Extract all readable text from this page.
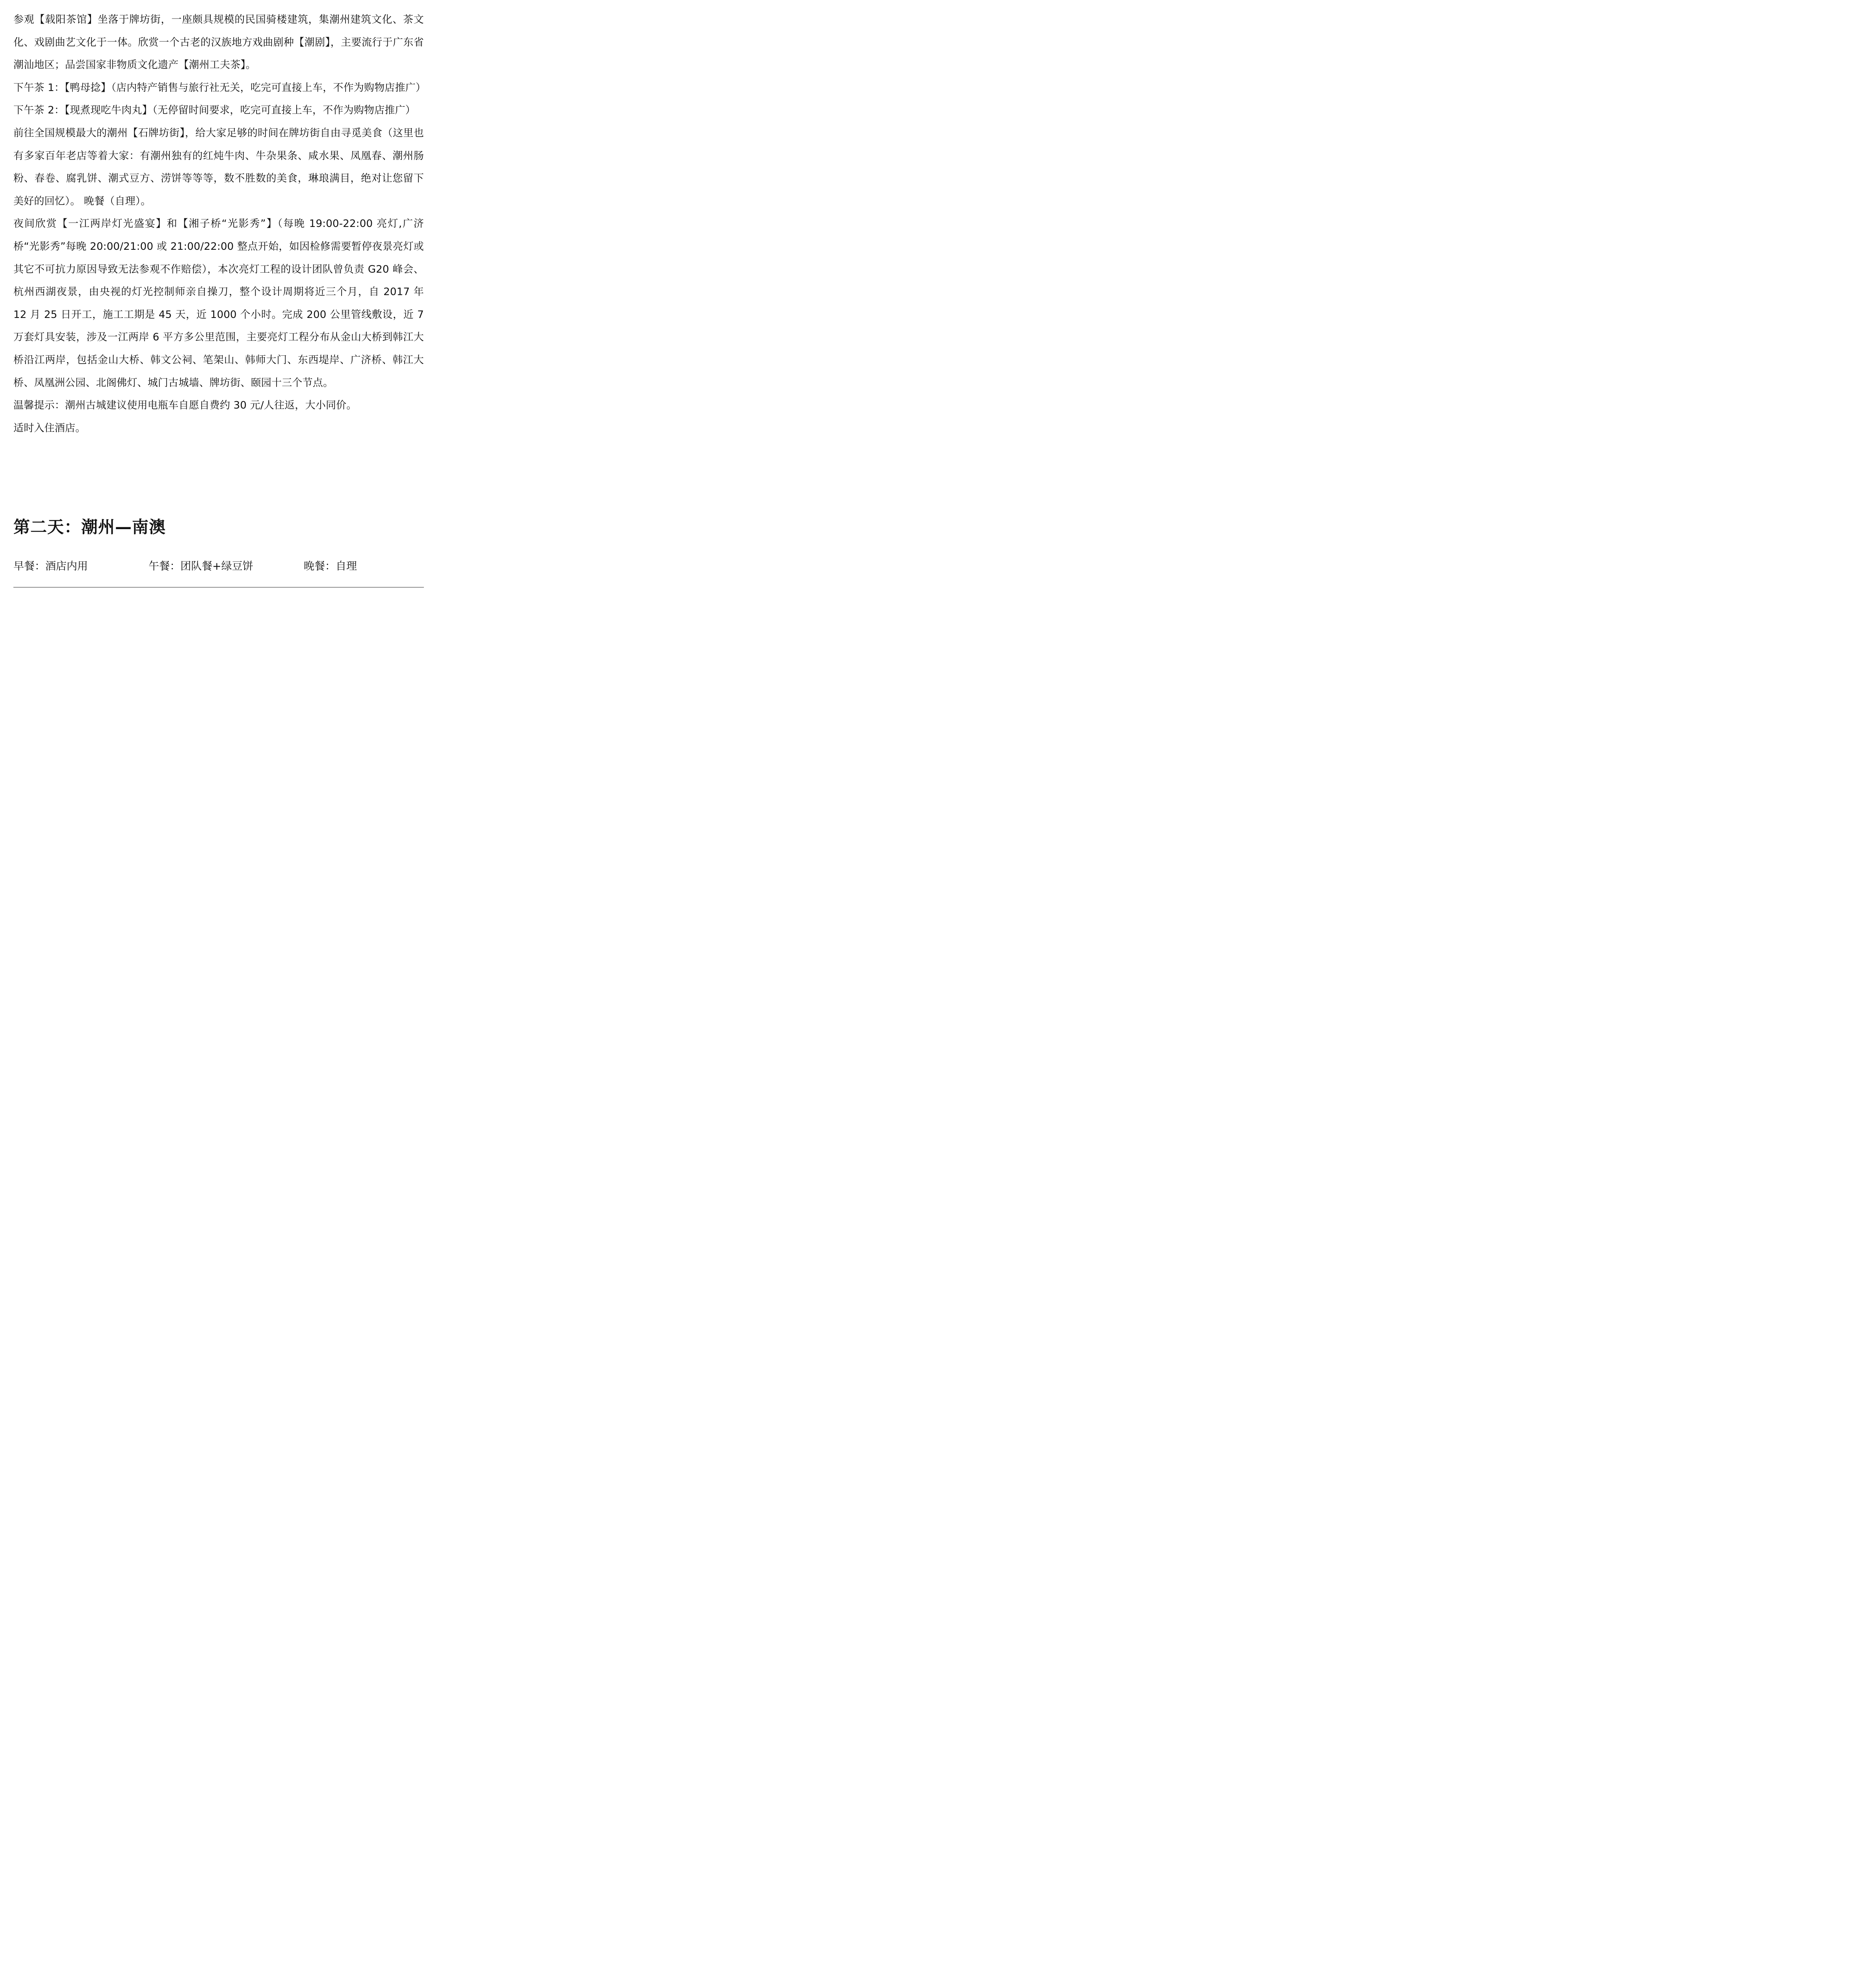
参观【载阳茶馆】坐落于牌坊街，一座颇具规模的民国骑楼建筑，集潮州建筑文化、茶文化、戏剧曲艺文化于一体。欣赏一个古老的汉族地方戏曲剧种【潮剧】，主要流行于广东省潮汕地区；品尝国家非物质文化遗产【潮州工夫茶】。

下午茶 1：【鸭母捻】（店内特产销售与旅行社无关，吃完可直接上车，不作为购物店推广）

下午茶 2：【现煮现吃牛肉丸】（无停留时间要求，吃完可直接上车，不作为购物店推广）

前往全国规模最大的潮州【石牌坊街】，给大家足够的时间在牌坊街自由寻觅美食（这里也有多家百年老店等着大家：有潮州独有的红炖牛肉、牛杂果条、咸水果、凤凰春、潮州肠粉、春卷、腐乳饼、潮式豆方、涝饼等等等，数不胜数的美食，琳琅满目，绝对让您留下美好的回忆）。 晚餐（自理）。

夜间欣赏【一江两岸灯光盛宴】和【湘子桥“光影秀”】（每晚 19:00-22:00 亮灯,广济桥“光影秀”每晚 20:00/21:00 或 21:00/22:00 整点开始，如因检修需要暂停夜景亮灯或其它不可抗力原因导致无法参观不作赔偿），本次亮灯工程的设计团队曾负责 G20 峰会、杭州西湖夜景，由央视的灯光控制师亲自操刀，整个设计周期将近三个月，自 2017 年 12 月 25 日开工，施工工期是 45 天，近 1000 个小时。完成 200 公里管线敷设，近 7 万套灯具安装，涉及一江两岸 6 平方多公里范围，主要亮灯工程分布从金山大桥到韩江大桥沿江两岸，包括金山大桥、韩文公祠、笔架山、韩师大门、东西堤岸、广济桥、韩江大桥、凤凰洲公园、北阁佛灯、城门古城墙、牌坊街、颐园十三个节点。

温馨提示：潮州古城建议使用电瓶车自愿自费约 30 元/人往返，大小同价。

适时入住酒店。

第二天：潮州—南澳
早餐：酒店内用	午餐：团队餐+绿豆饼	晚餐：自理
